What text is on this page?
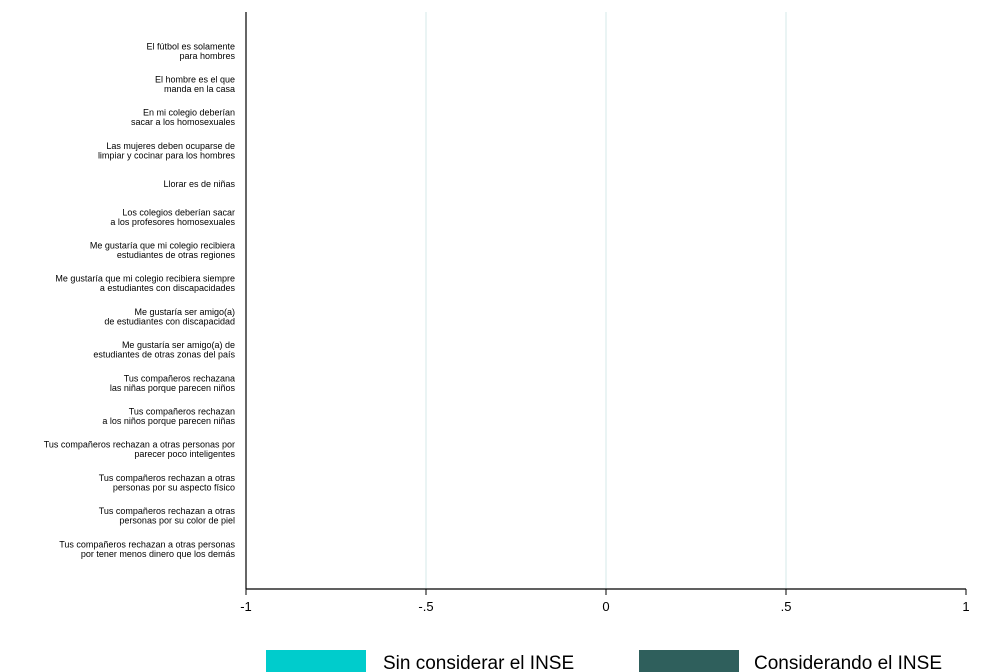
El fútbol es solamente para hombres
El hombre es el que manda en la casa
En mi colegio deberían sacar a los homosexuales
Las mujeres deben ocuparse de limpiar y cocinar para los hombres
Llorar es de niñas
Los colegios deberían sacar a los profesores homosexuales
Me gustaría que mi colegio recibiera estudiantes de otras regiones
Me gustaría que mi colegio recibiera siempre a estudiantes con discapacidades
Me gustaría ser amigo(a) de estudiantes con discapacidad
Me gustaría ser amigo(a) de estudiantes de otras zonas del país
Tus compañeros rechazana las niñas porque parecen niños
Tus compañeros rechazan a los niños porque parecen niñas
Tus compañeros rechazan a otras personas por parecer poco inteligentes
Tus compañeros rechazan a otras personas por su aspecto físico
Tus compañeros rechazan a otras personas por su color de piel
Tus compañeros rechazan a otras personas por tener menos dinero que los demás
-1	-.5	0	.5	1
Sin considerar el INSE	Considerando el INSE
